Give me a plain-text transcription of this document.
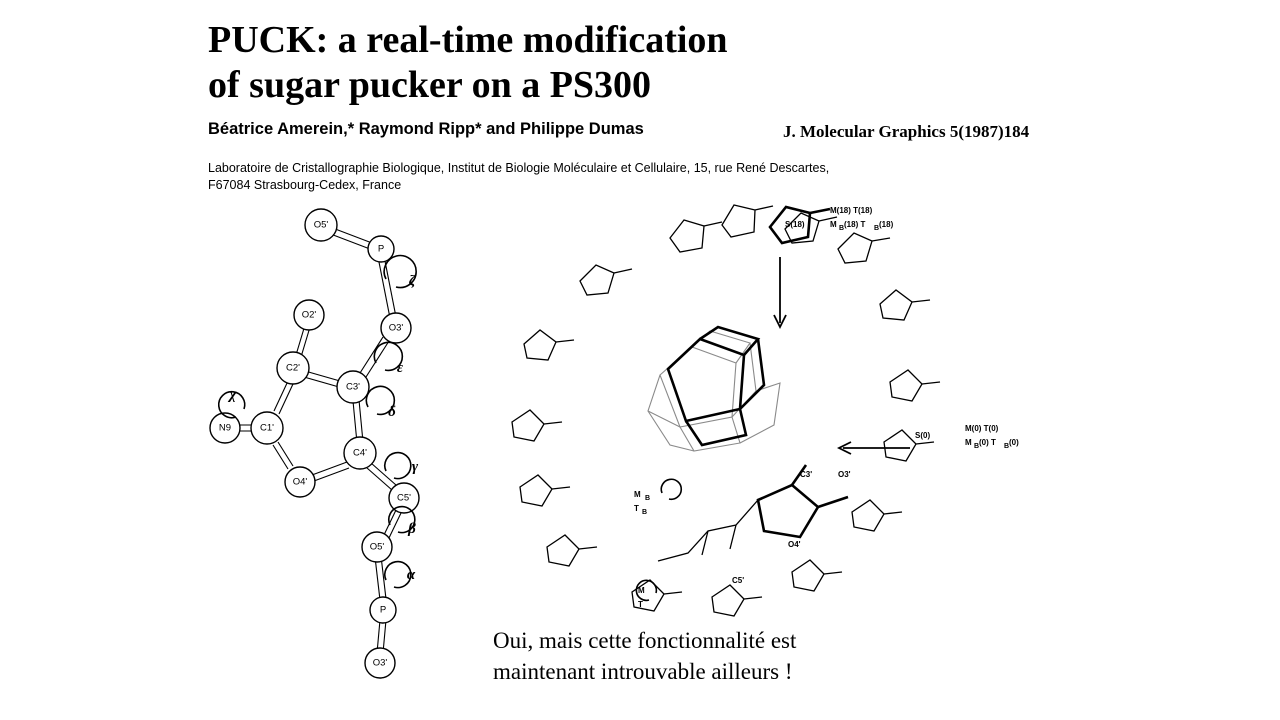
PUCK: a real-time modification
of sugar pucker on a PS300
Béatrice Amerein,* Raymond Ripp* and Philippe Dumas	J. Molecular Graphics 5(1987)184
Laboratoire de Cristallographie Biologique, Institut de Biologie Moléculaire et Cellulaire, 15, rue René Descartes,
F67084 Strasbourg-Cedex, France
O5'
P
O3'
O2'
C2'
C3'
C1'
C4'
N9
O4'
C5'
O5'
P
O3'
ζ
ε
δ
χ
γ
β
α
S(18)
M(18) T(18)
M B (18) T B (18)
S(0)
M(0) T(0)
M B (0) T B (0)
M B
T B
M
T
C3'	O3'
O4'
C5'
Oui, mais cette fonctionnalité est
maintenant introuvable ailleurs !
